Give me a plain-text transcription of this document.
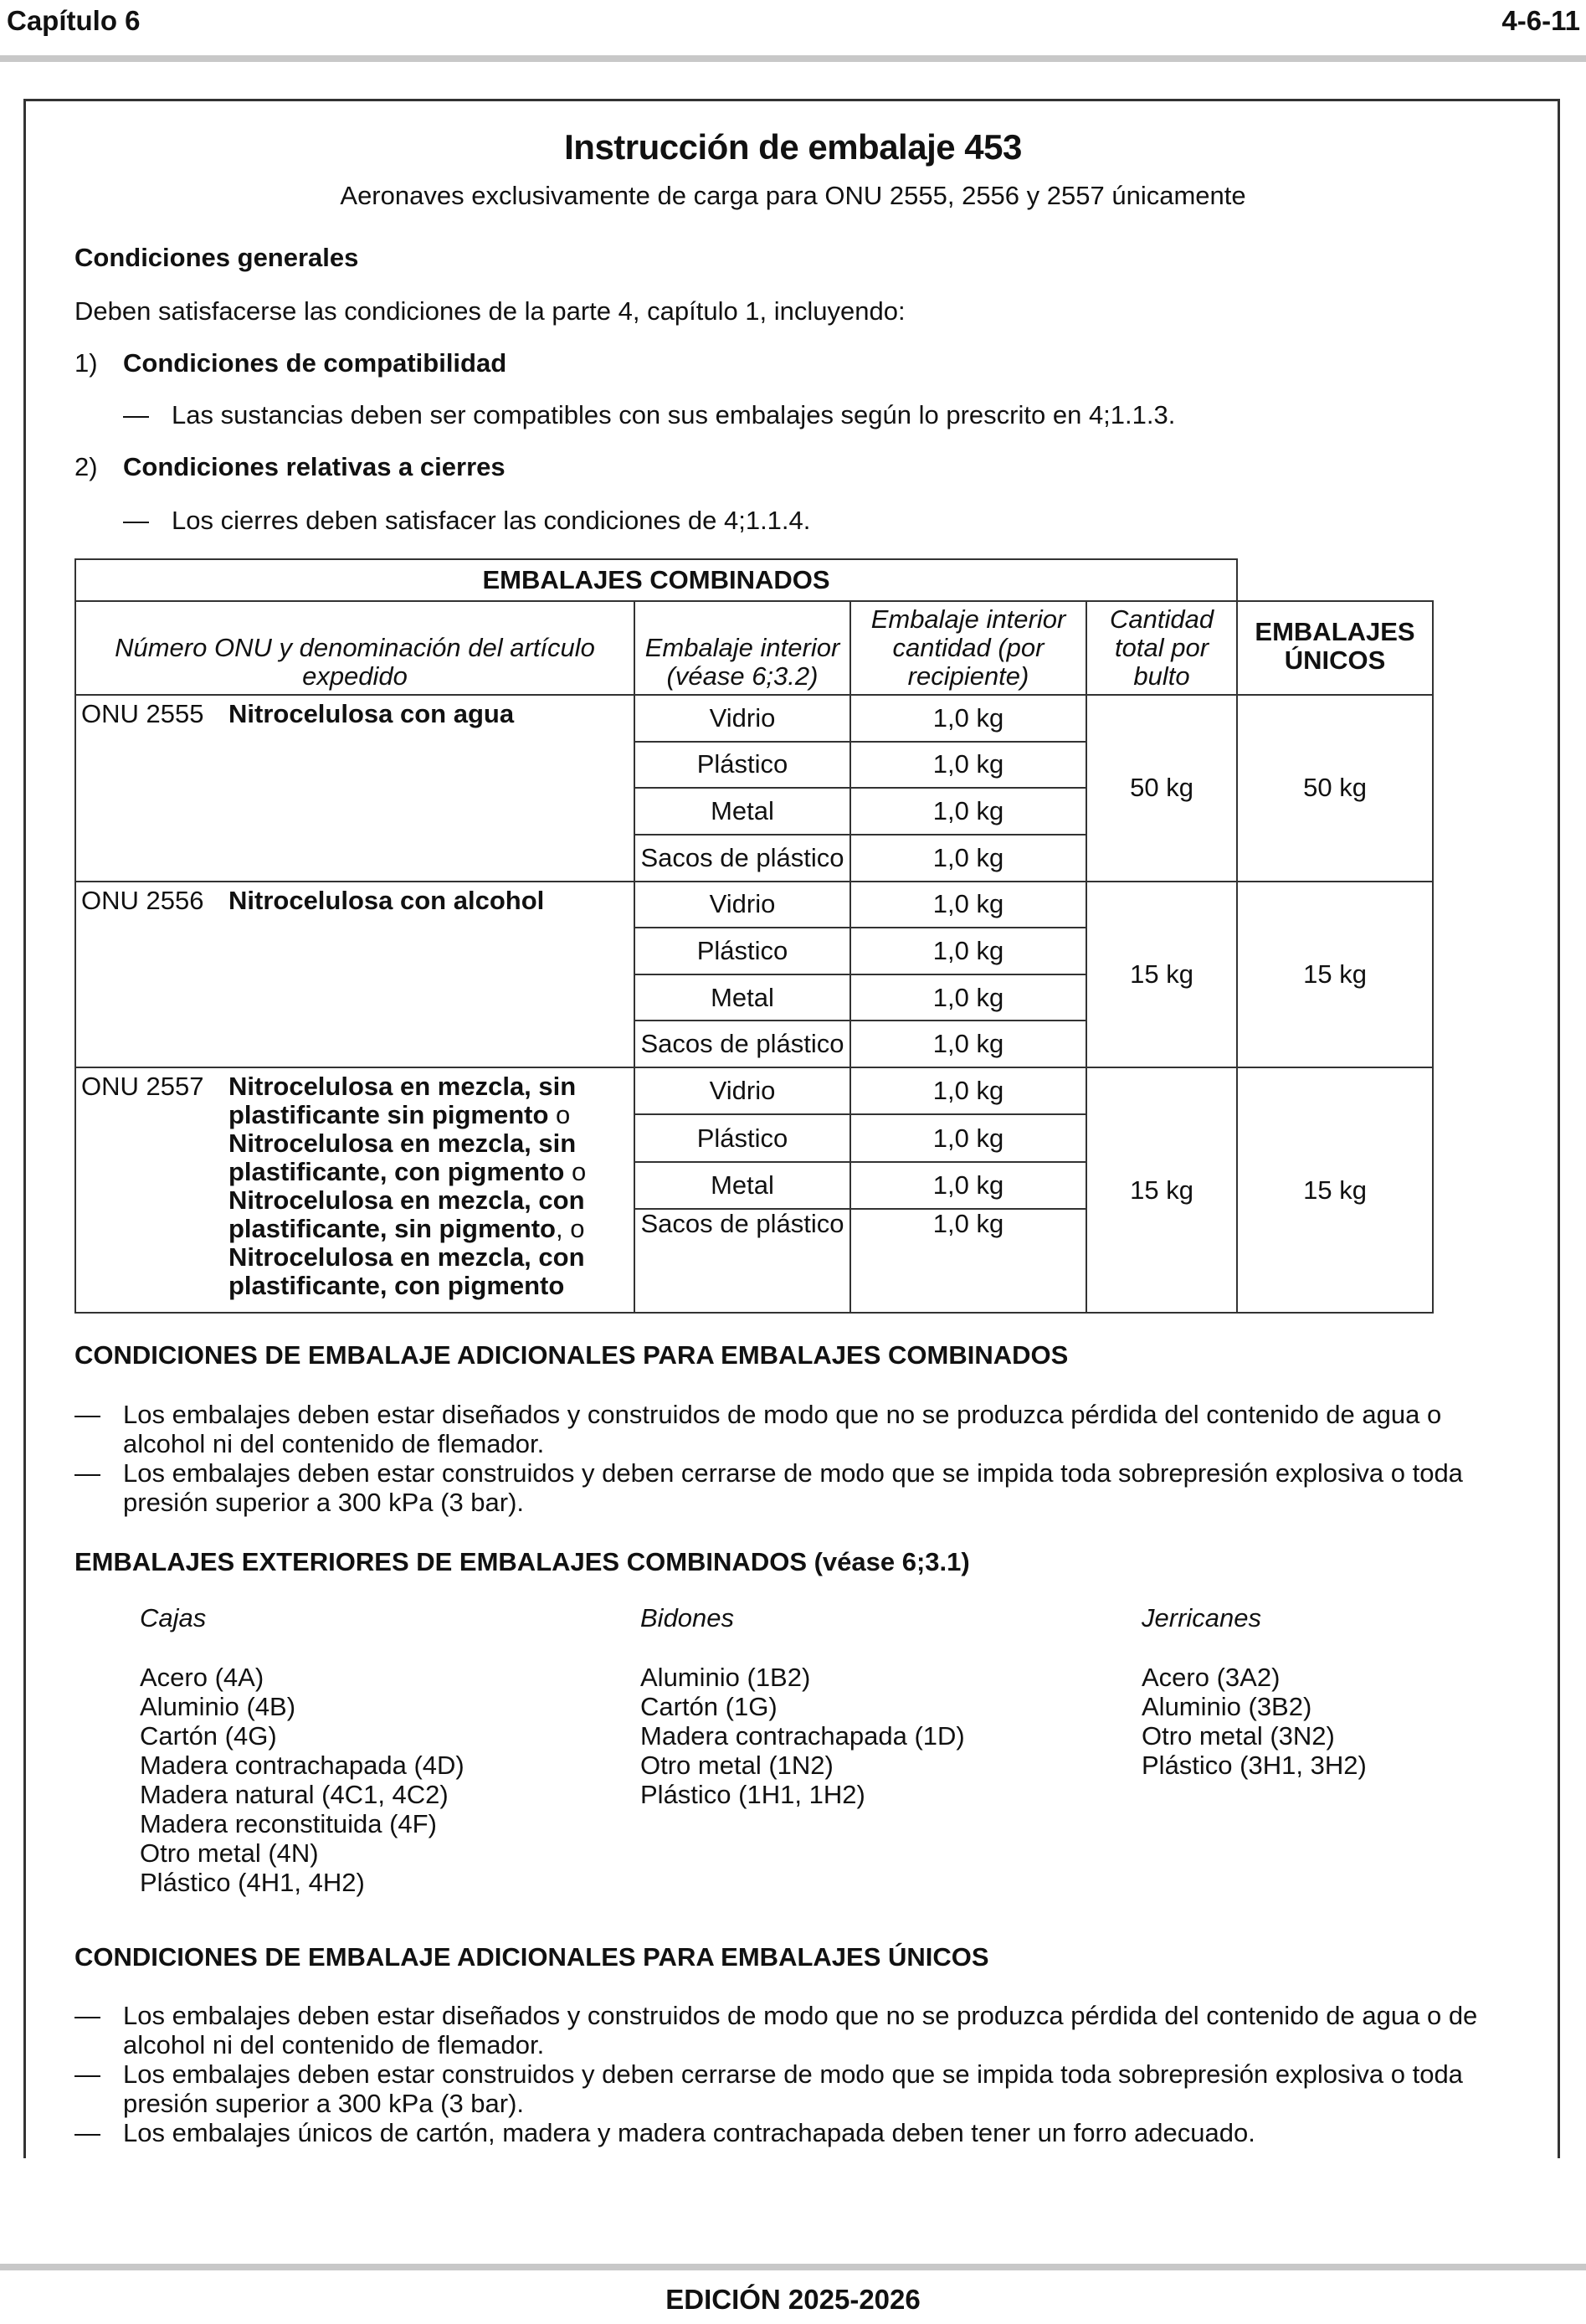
Capítulo 6	4-6-11
Instrucción de embalaje 453
Aeronaves exclusivamente de carga para ONU 2555, 2556 y 2557 únicamente
Condiciones generales
Deben satisfacerse las condiciones de la parte 4, capítulo 1, incluyendo:
1) Condiciones de compatibilidad
— Las sustancias deben ser compatibles con sus embalajes según lo prescrito en 4;1.1.3.
2) Condiciones relativas a cierres
— Los cierres deben satisfacer las condiciones de 4;1.1.4.
EMBALAJES COMBINADOS				
Número ONU y denominación del artículo expedido	Embalaje interior (véase 6;3.2)	Embalaje interior cantidad (por recipiente)	Cantidad total por bulto	EMBALAJES ÚNICOS
ONU 2555 Nitrocelulosa con agua	Vidrio	1,0 kg	50 kg	50 kg
	Plástico	1,0 kg		
	Metal	1,0 kg		
	Sacos de plástico	1,0 kg		
ONU 2556 Nitrocelulosa con alcohol	Vidrio	1,0 kg	15 kg	15 kg
	Plástico	1,0 kg		
	Metal	1,0 kg		
	Sacos de plástico	1,0 kg		
ONU 2557 Nitrocelulosa en mezcla, sin plastificante sin pigmento o Nitrocelulosa en mezcla, sin plastificante, con pigmento o Nitrocelulosa en mezcla, con plastificante, sin pigmento, o Nitrocelulosa en mezcla, con plastificante, con pigmento	Vidrio	1,0 kg	15 kg	15 kg
	Plástico	1,0 kg		
	Metal	1,0 kg		
	Sacos de plástico	1,0 kg		
CONDICIONES DE EMBALAJE ADICIONALES PARA EMBALAJES COMBINADOS

— Los embalajes deben estar diseñados y construidos de modo que no se produzca pérdida del contenido de agua o alcohol ni del contenido de flemador.

— Los embalajes deben estar construidos y deben cerrarse de modo que se impida toda sobrepresión explosiva o toda presión superior a 300 kPa (3 bar).

EMBALAJES EXTERIORES DE EMBALAJES COMBINADOS (véase 6;3.1)
Cajas
Acero (4A)
Aluminio (4B)
Cartón (4G)
Madera contrachapada (4D)
Madera natural (4C1, 4C2)
Madera reconstituida (4F)
Otro metal (4N)
Plástico (4H1, 4H2)
Bidones
Aluminio (1B2)
Cartón (1G)
Madera contrachapada (1D)
Otro metal (1N2)
Plástico (1H1, 1H2)
Jerricanes
Acero (3A2)
Aluminio (3B2)
Otro metal (3N2)
Plástico (3H1, 3H2)
CONDICIONES DE EMBALAJE ADICIONALES PARA EMBALAJES ÚNICOS

— Los embalajes deben estar diseñados y construidos de modo que no se produzca pérdida del contenido de agua o de alcohol ni del contenido de flemador.

— Los embalajes deben estar construidos y deben cerrarse de modo que se impida toda sobrepresión explosiva o toda presión superior a 300 kPa (3 bar).

— Los embalajes únicos de cartón, madera y madera contrachapada deben tener un forro adecuado.

EDICIÓN 2025-2026
